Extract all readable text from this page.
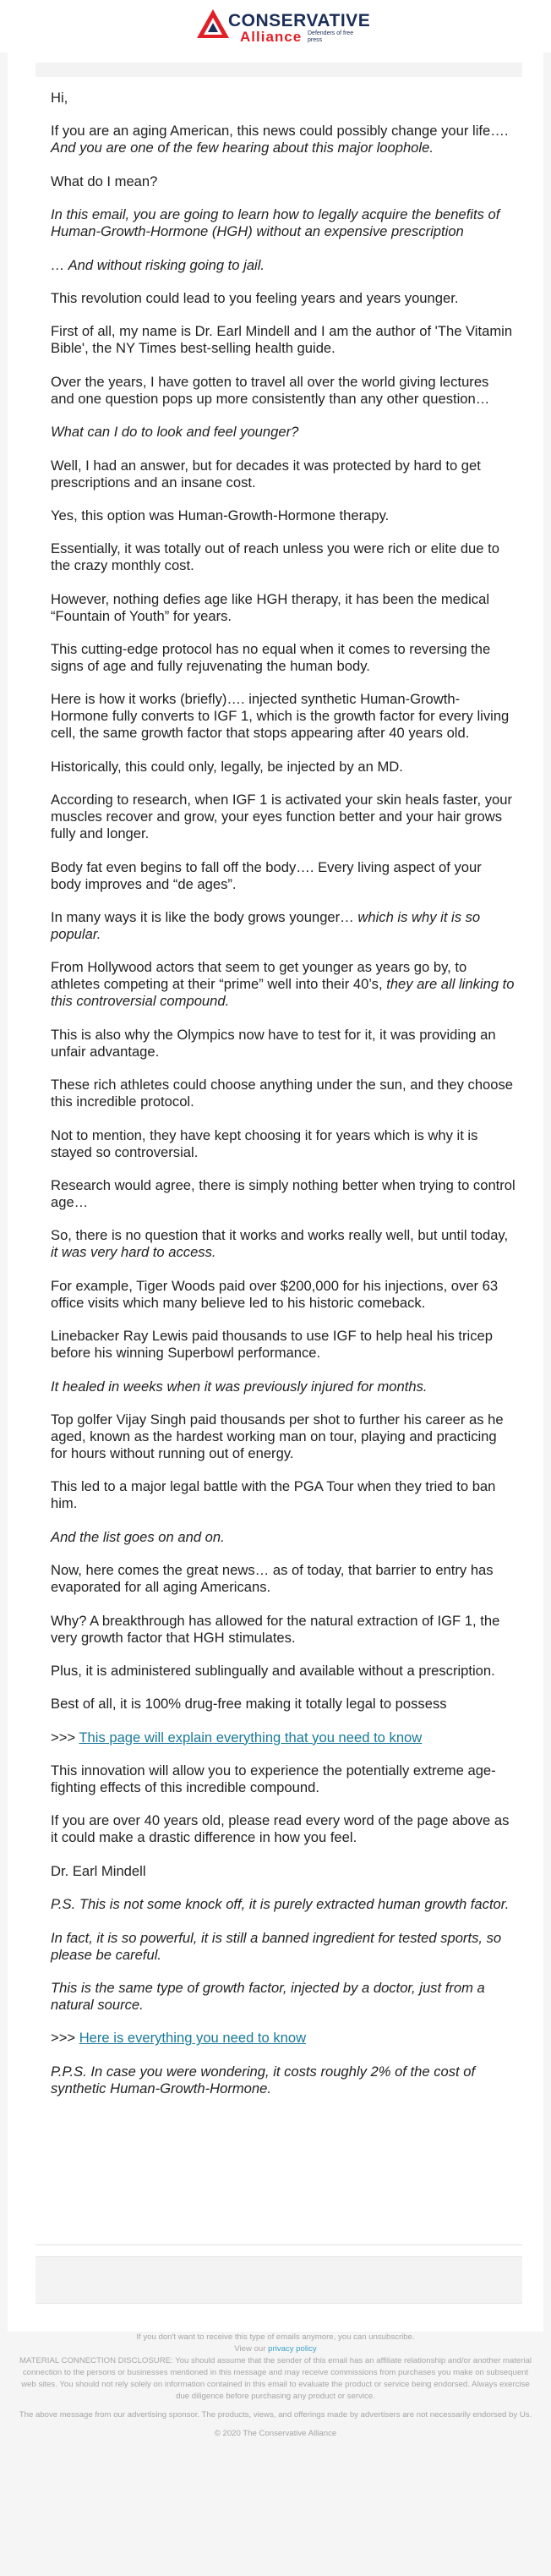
CONSERVATIVE
Alliance Defenders of free press

Hi,

If you are an aging American, this news could possibly change your life…. And you are one of the few hearing about this major loophole.

What do I mean?

In this email, you are going to learn how to legally acquire the benefits of Human-Growth-Hormone (HGH) without an expensive prescription

… And without risking going to jail.

This revolution could lead to you feeling years and years younger.

First of all, my name is Dr. Earl Mindell and I am the author of 'The Vitamin Bible', the NY Times best-selling health guide.

Over the years, I have gotten to travel all over the world giving lectures and one question pops up more consistently than any other question…

What can I do to look and feel younger?

Well, I had an answer, but for decades it was protected by hard to get prescriptions and an insane cost.

Yes, this option was Human-Growth-Hormone therapy.

Essentially, it was totally out of reach unless you were rich or elite due to the crazy monthly cost.

However, nothing defies age like HGH therapy, it has been the medical “Fountain of Youth” for years.

This cutting-edge protocol has no equal when it comes to reversing the signs of age and fully rejuvenating the human body.

Here is how it works (briefly)…. injected synthetic Human-Growth-Hormone fully converts to IGF 1, which is the growth factor for every living cell, the same growth factor that stops appearing after 40 years old.

Historically, this could only, legally, be injected by an MD.

According to research, when IGF 1 is activated your skin heals faster, your muscles recover and grow, your eyes function better and your hair grows fully and longer.

Body fat even begins to fall off the body…. Every living aspect of your body improves and “de ages”.

In many ways it is like the body grows younger… which is why it is so popular.

From Hollywood actors that seem to get younger as years go by, to athletes competing at their “prime” well into their 40’s, they are all linking to this controversial compound.

This is also why the Olympics now have to test for it, it was providing an unfair advantage.

These rich athletes could choose anything under the sun, and they choose this incredible protocol.

Not to mention, they have kept choosing it for years which is why it is stayed so controversial.

Research would agree, there is simply nothing better when trying to control age…

So, there is no question that it works and works really well, but until today, it was very hard to access.

For example, Tiger Woods paid over $200,000 for his injections, over 63 office visits which many believe led to his historic comeback.

Linebacker Ray Lewis paid thousands to use IGF to help heal his tricep before his winning Superbowl performance.

It healed in weeks when it was previously injured for months.

Top golfer Vijay Singh paid thousands per shot to further his career as he aged, known as the hardest working man on tour, playing and practicing for hours without running out of energy.

This led to a major legal battle with the PGA Tour when they tried to ban him.

And the list goes on and on.

Now, here comes the great news… as of today, that barrier to entry has evaporated for all aging Americans.

Why? A breakthrough has allowed for the natural extraction of IGF 1, the very growth factor that HGH stimulates.

Plus, it is administered sublingually and available without a prescription.

Best of all, it is 100% drug-free making it totally legal to possess

>>> This page will explain everything that you need to know

This innovation will allow you to experience the potentially extreme age-fighting effects of this incredible compound.

If you are over 40 years old, please read every word of the page above as it could make a drastic difference in how you feel.

Dr. Earl Mindell

P.S. This is not some knock off, it is purely extracted human growth factor.

In fact, it is so powerful, it is still a banned ingredient for tested sports, so please be careful.

This is the same type of growth factor, injected by a doctor, just from a natural source.

>>> Here is everything you need to know

P.P.S. In case you were wondering, it costs roughly 2% of the cost of synthetic Human-Growth-Hormone.

If you don't want to receive this type of emails anymore, you can unsubscribe.

View our privacy policy

MATERIAL CONNECTION DISCLOSURE: You should assume that the sender of this email has an affiliate relationship and/or another material connection to the persons or businesses mentioned in this message and may receive commissions from purchases you make on subsequent web sites. You should not rely solely on information contained in this email to evaluate the product or service being endorsed. Always exercise due diligence before purchasing any product or service.

The above message from our advertising sponsor. The products, views, and offerings made by advertisers are not necessarily endorsed by Us.

© 2020 The Conservative Alliance
